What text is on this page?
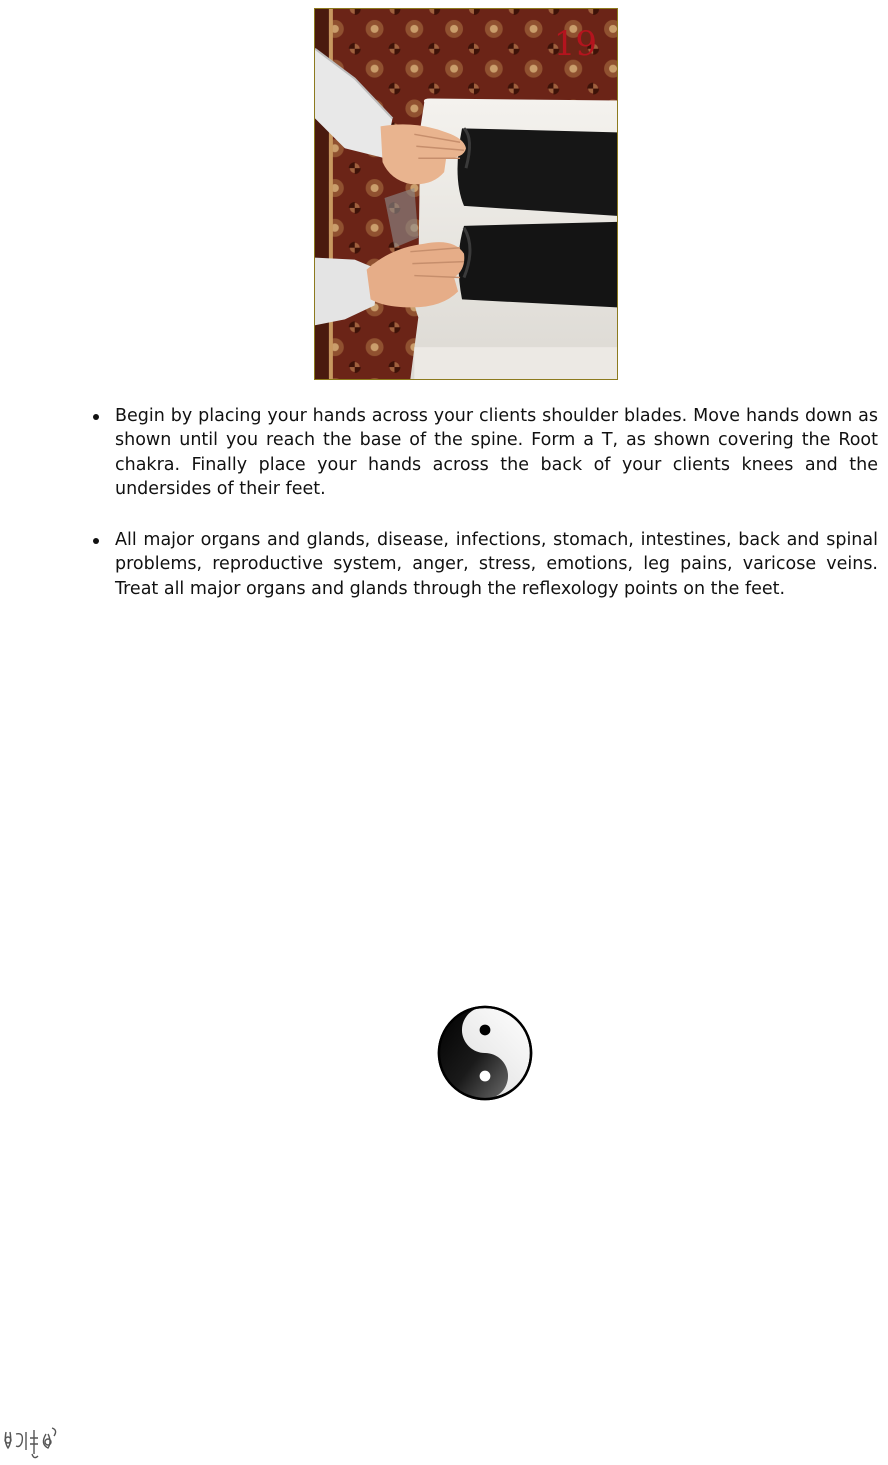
19
Begin by placing your hands across your clients shoulder blades. Move hands down as shown until you reach the base of the spine. Form a T, as shown covering the Root chakra. Finally place your hands across the back of your clients knees and the undersides of their feet.
All major organs and glands, disease, infections, stomach, intestines, back and spinal problems, reproductive system, anger, stress, emotions, leg pains, varicose veins. Treat all major organs and glands through the reflexology points on the feet.
